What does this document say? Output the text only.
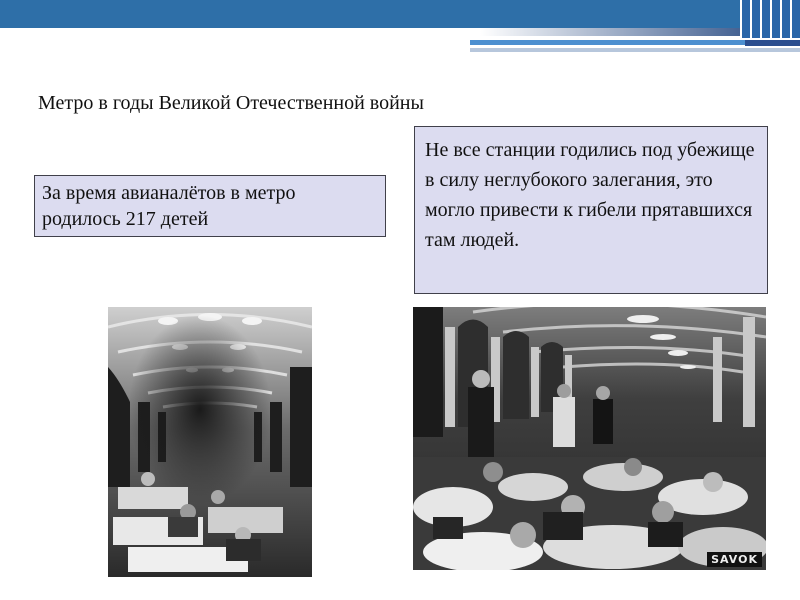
Метро в годы Великой Отечественной войны
За время авианалётов в метро родилось 217 детей
Не все станции годились под убежище в силу неглубокого залегания, это могло привести к гибели прятавшихся там людей.
SAVOK
